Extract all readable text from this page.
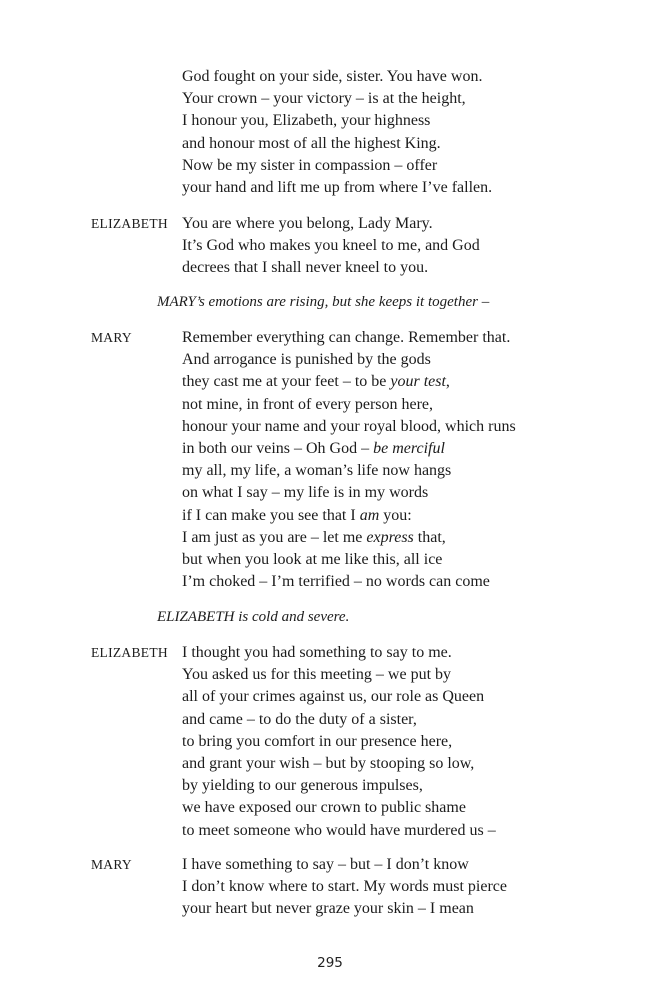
God fought on your side, sister. You have won.
Your crown – your victory – is at the height,
I honour you, Elizabeth, your highness
and honour most of all the highest King.
Now be my sister in compassion – offer
your hand and lift me up from where I’ve fallen.
ELIZABETH You are where you belong, Lady Mary.
It’s God who makes you kneel to me, and God
decrees that I shall never kneel to you.
MARY’s emotions are rising, but she keeps it together –
MARY	Remember everything can change. Remember that.
And arrogance is punished by the gods
they cast me at your feet – to be your test,
not mine, in front of every person here,
honour your name and your royal blood, which runs
in both our veins – Oh God – be merciful
my all, my life, a woman’s life now hangs
on what I say – my life is in my words
if I can make you see that I am you:
I am just as you are – let me express that,
but when you look at me like this, all ice
I’m choked – I’m terrified – no words can come
ELIZABETH is cold and severe.
ELIZABETH I thought you had something to say to me.
You asked us for this meeting – we put by
all of your crimes against us, our role as Queen
and came – to do the duty of a sister,
to bring you comfort in our presence here,
and grant your wish – but by stooping so low,
by yielding to our generous impulses,
we have exposed our crown to public shame
to meet someone who would have murdered us –
MARY	I have something to say – but – I don’t know
I don’t know where to start. My words must pierce
your heart but never graze your skin – I mean
295
